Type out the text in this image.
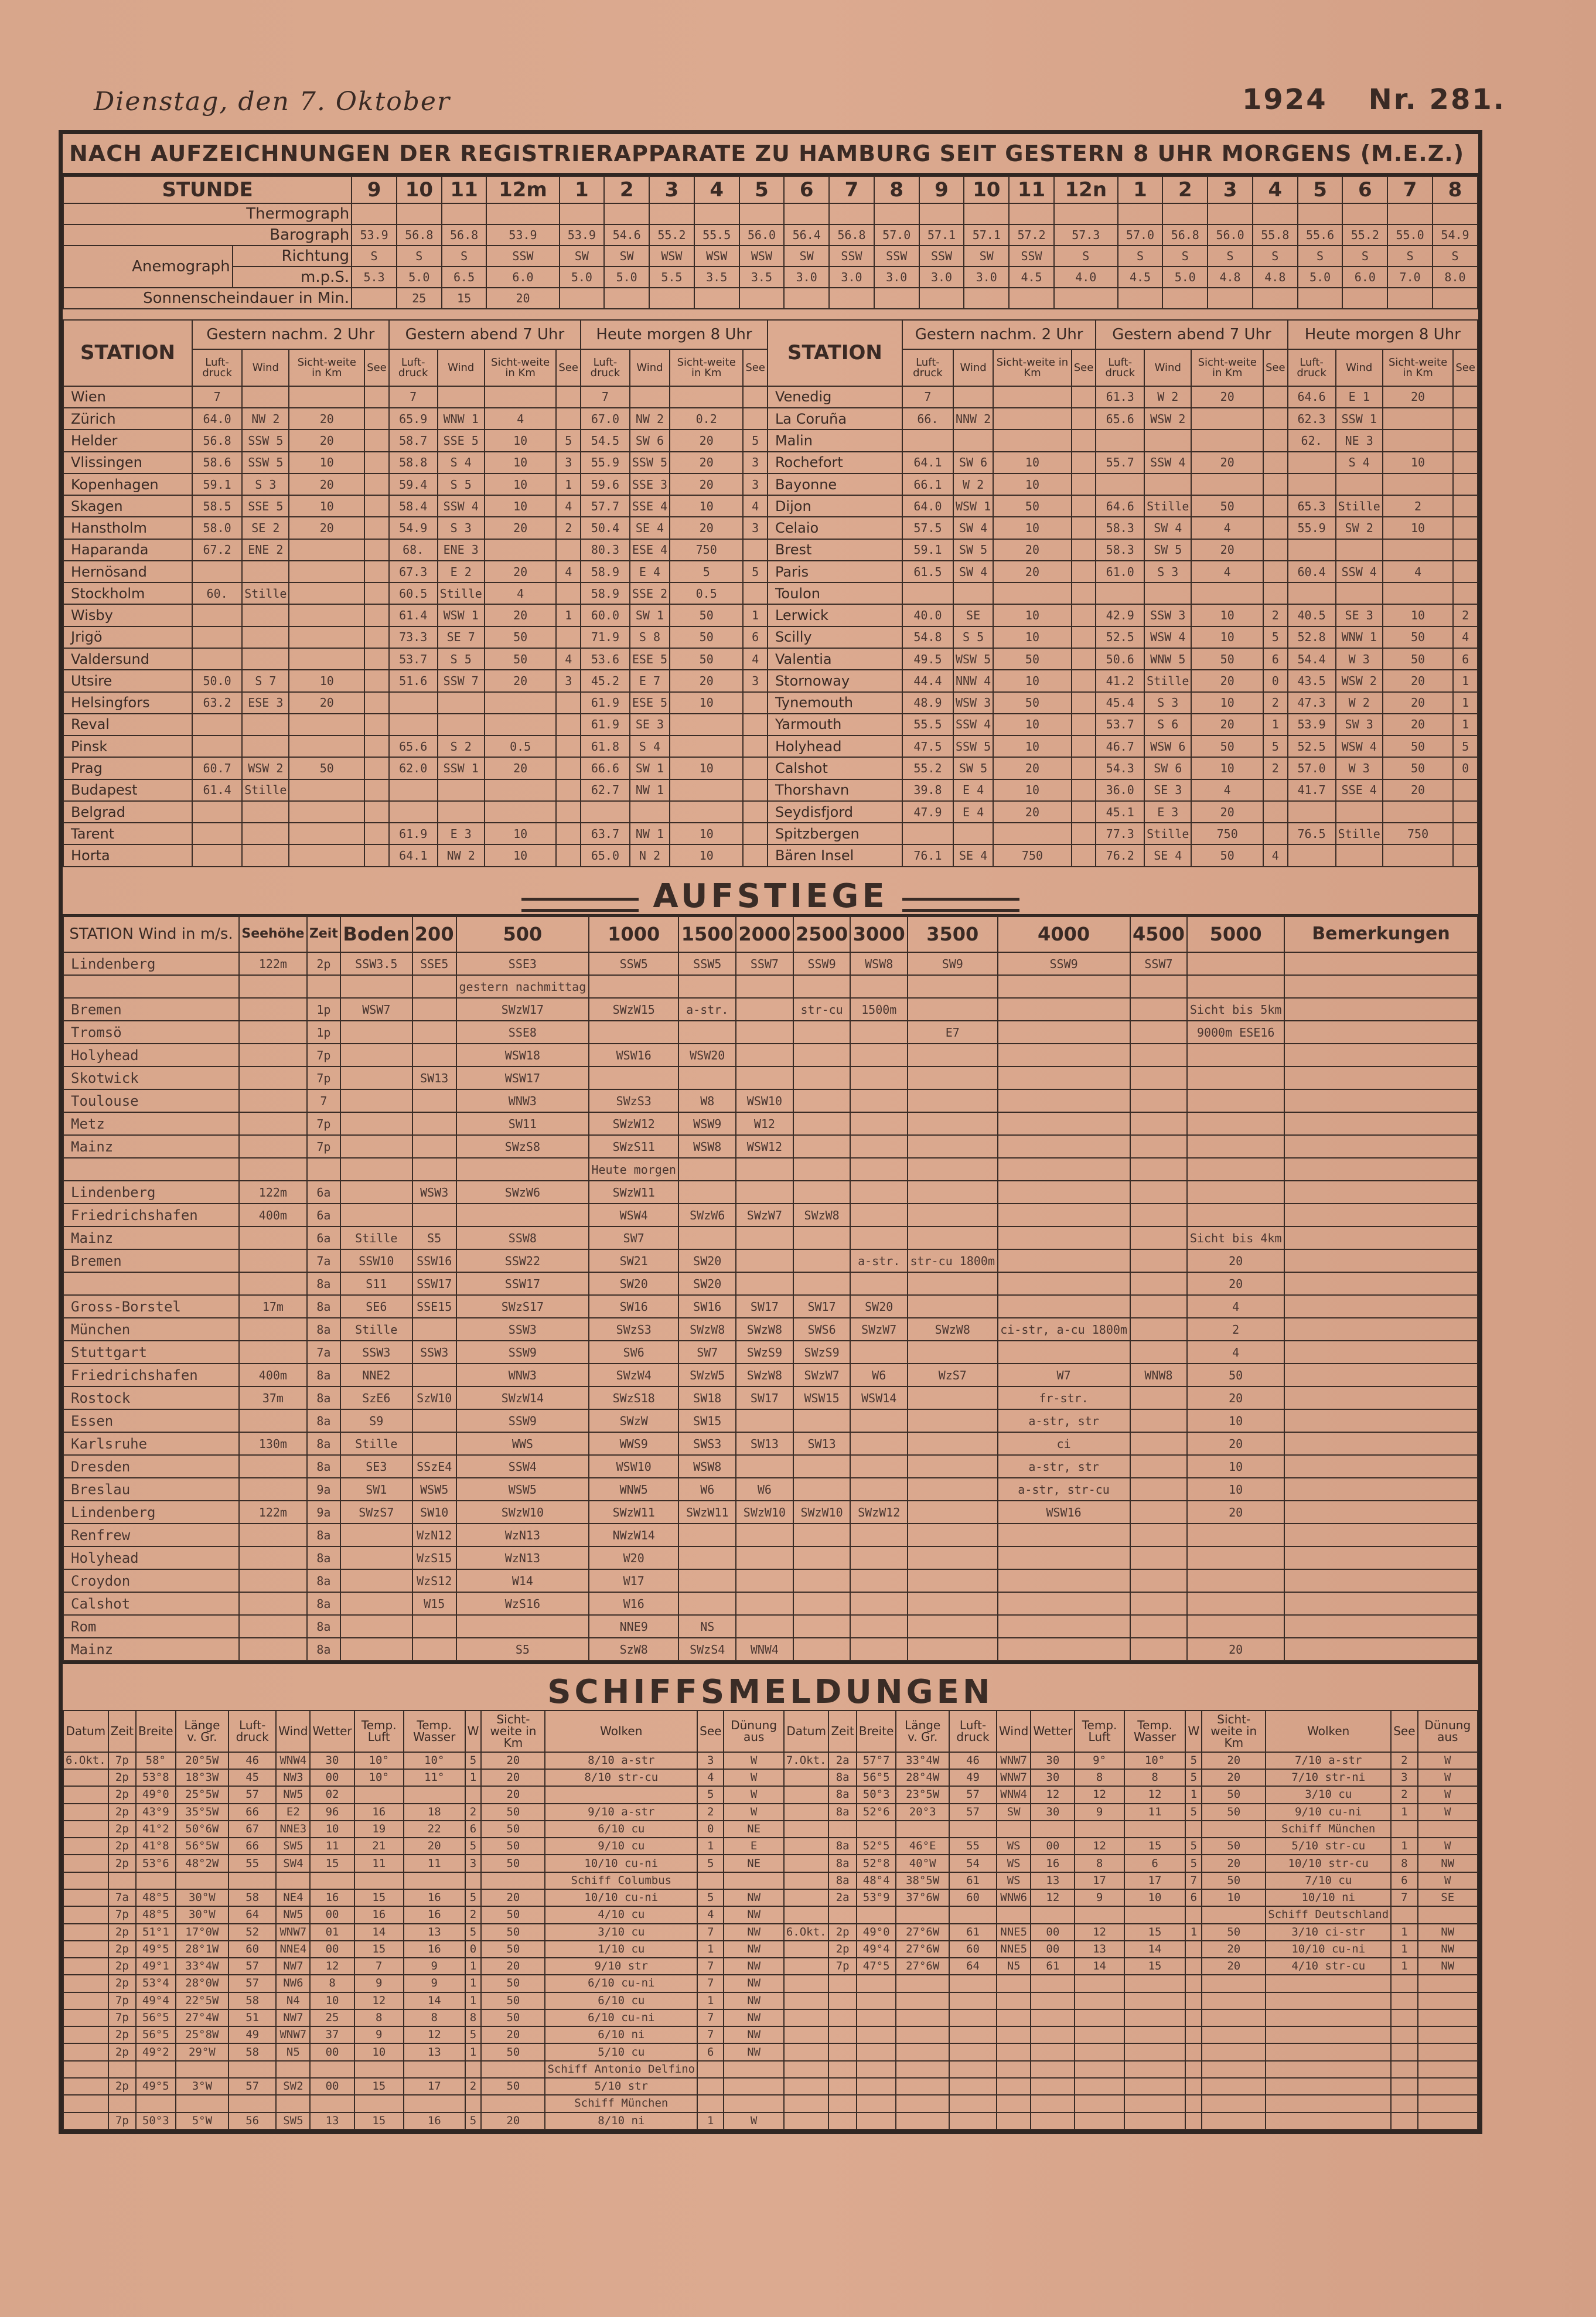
Dienstag, den 7. Oktober	1924 Nr. 281.
NACH AUFZEICHNUNGEN DER REGISTRIERAPPARATE ZU HAMBURG SEIT GESTERN 8 UHR MORGENS (M.E.Z.)
STUNDE		9	10	11	12m	1	2	3	4	5	6	7	8	9	10	11	12n	1	2	3	4	5	6	7	8
Thermograph																									
Barograph		53.9	56.8	56.8	53.9	53.9	54.6	55.2	55.5	56.0	56.4	56.8	57.0	57.1	57.1	57.2	57.3	57.0	56.8	56.0	55.8	55.6	55.2	55.0	54.9
Anemograph	Richtung	S	S	S	SSW	SW	SW	WSW	WSW	WSW	SW	SSW	SSW	SSW	SW	SSW	S	S	S	S	S	S	S	S	S
	m.p.S.	5.3	5.0	6.5	6.0	5.0	5.0	5.5	3.5	3.5	3.0	3.0	3.0	3.0	3.0	4.5	4.0	4.5	5.0	4.8	4.8	5.0	6.0	7.0	8.0
Sonnenscheindauer in Min.			25	15	20																				
STATION	Gestern nachm. 2 Uhr				Gestern abend 7 Uhr				Heute morgen 8 Uhr				STATION	Gestern nachm. 2 Uhr				Gestern abend 7 Uhr				Heute morgen 8 Uhr			
	Luft-druck	Wind	Sicht-weite in Km	See	Luft-druck	Wind	Sicht-weite in Km	See	Luft-druck	Wind	Sicht-weite in Km	See		Luft-druck	Wind	Sicht-weite in Km	See	Luft-druck	Wind	Sicht-weite in Km	See	Luft-druck	Wind	Sicht-weite in Km	See
Wien	7				7				7				Venedig	7				61.3	W 2	20		64.6	E 1	20	
Zürich	64.0	NW 2	20		65.9	WNW 1	4		67.0	NW 2	0.2		La Coruña	66.	NNW 2			65.6	WSW 2			62.3	SSW 1		
Helder	56.8	SSW 5	20		58.7	SSE 5	10	5	54.5	SW 6	20	5	Malin									62.	NE 3		
Vlissingen	58.6	SSW 5	10		58.8	S 4	10	3	55.9	SSW 5	20	3	Rochefort	64.1	SW 6	10		55.7	SSW 4	20			S 4	10	
Kopenhagen	59.1	S 3	20		59.4	S 5	10	1	59.6	SSE 3	20	3	Bayonne	66.1	W 2	10									
Skagen	58.5	SSE 5	10		58.4	SSW 4	10	4	57.7	SSE 4	10	4	Dijon	64.0	WSW 1	50		64.6	Stille	50		65.3	Stille	2	
Hanstholm	58.0	SE 2	20		54.9	S 3	20	2	50.4	SE 4	20	3	Celaio	57.5	SW 4	10		58.3	SW 4	4		55.9	SW 2	10	
Haparanda	67.2	ENE 2			68.	ENE 3			80.3	ESE 4	750		Brest	59.1	SW 5	20		58.3	SW 5	20					
Hernösand					67.3	E 2	20	4	58.9	E 4	5	5	Paris	61.5	SW 4	20		61.0	S 3	4		60.4	SSW 4	4	
Stockholm	60.	Stille			60.5	Stille	4		58.9	SSE 2	0.5		Toulon												
Wisby					61.4	WSW 1	20	1	60.0	SW 1	50	1	Lerwick	40.0	SE	10		42.9	SSW 3	10	2	40.5	SE 3	10	2
Jrigö					73.3	SE 7	50		71.9	S 8	50	6	Scilly	54.8	S 5	10		52.5	WSW 4	10	5	52.8	WNW 1	50	4
Valdersund					53.7	S 5	50	4	53.6	ESE 5	50	4	Valentia	49.5	WSW 5	50		50.6	WNW 5	50	6	54.4	W 3	50	6
Utsire	50.0	S 7	10		51.6	SSW 7	20	3	45.2	E 7	20	3	Stornoway	44.4	NNW 4	10		41.2	Stille	20	0	43.5	WSW 2	20	1
Helsingfors	63.2	ESE 3	20						61.9	ESE 5	10		Tynemouth	48.9	WSW 3	50		45.4	S 3	10	2	47.3	W 2	20	1
Reval									61.9	SE 3			Yarmouth	55.5	SSW 4	10		53.7	S 6	20	1	53.9	SW 3	20	1
Pinsk					65.6	S 2	0.5		61.8	S 4			Holyhead	47.5	SSW 5	10		46.7	WSW 6	50	5	52.5	WSW 4	50	5
Prag	60.7	WSW 2	50		62.0	SSW 1	20		66.6	SW 1	10		Calshot	55.2	SW 5	20		54.3	SW 6	10	2	57.0	W 3	50	0
Budapest	61.4	Stille							62.7	NW 1			Thorshavn	39.8	E 4	10		36.0	SE 3	4		41.7	SSE 4	20	
Belgrad													Seydisfjord	47.9	E 4	20		45.1	E 3	20					
Tarent					61.9	E 3	10		63.7	NW 1	10		Spitzbergen					77.3	Stille	750		76.5	Stille	750	
Horta					64.1	NW 2	10		65.0	N 2	10		Bären Insel	76.1	SE 4	750		76.2	SE 4	50	4				
AUFSTIEGE
STATION Wind in m/s.	Seehöhe	Zeit	Boden	200	500	1000	1500	2000	2500	3000	3500	4000	4500	5000	Bemerkungen
Lindenberg	122m	2p	SSW3.5	SSE5	SSE3	SSW5	SSW5	SSW7	SSW9	WSW8	SW9	SSW9	SSW7		
					gestern nachmittag										
Bremen		1p	WSW7		SWzW17	SWzW15	a-str.		str-cu	1500m				Sicht bis 5km	
Tromsö		1p			SSE8						E7			9000m ESE16	
Holyhead		7p			WSW18	WSW16	WSW20								
Skotwick		7p		SW13	WSW17										
Toulouse		7			WNW3	SWzS3	W8	WSW10							
Metz		7p			SW11	SWzW12	WSW9	W12							
Mainz		7p			SWzS8	SWzS11	WSW8	WSW12							
						Heute morgen									
Lindenberg	122m	6a		WSW3	SWzW6	SWzW11									
Friedrichshafen	400m	6a				WSW4	SWzW6	SWzW7	SWzW8						
Mainz		6a	Stille	S5	SSW8	SW7								Sicht bis 4km	
Bremen		7a	SSW10	SSW16	SSW22	SW21	SW20			a-str.	str-cu 1800m			20	
		8a	S11	SSW17	SSW17	SW20	SW20							20	
Gross-Borstel	17m	8a	SE6	SSE15	SWzS17	SW16	SW16	SW17	SW17	SW20				4	
München		8a	Stille		SSW3	SWzS3	SWzW8	SWzW8	SWS6	SWzW7	SWzW8	ci-str, a-cu 1800m		2	
Stuttgart		7a	SSW3	SSW3	SSW9	SW6	SW7	SWzS9	SWzS9					4	
Friedrichshafen	400m	8a	NNE2		WNW3	SWzW4	SWzW5	SWzW8	SWzW7	W6	WzS7	W7	WNW8	50	
Rostock	37m	8a	SzE6	SzW10	SWzW14	SWzS18	SW18	SW17	WSW15	WSW14		fr-str.		20	
Essen		8a	S9		SSW9	SWzW	SW15					a-str, str		10	
Karlsruhe	130m	8a	Stille		WWS	WWS9	SWS3	SW13	SW13			ci		20	
Dresden		8a	SE3	SSzE4	SSW4	WSW10	WSW8					a-str, str		10	
Breslau		9a	SW1	WSW5	WSW5	WNW5	W6	W6				a-str, str-cu		10	
Lindenberg	122m	9a	SWzS7	SW10	SWzW10	SWzW11	SWzW11	SWzW10	SWzW10	SWzW12		WSW16		20	
Renfrew		8a		WzN12	WzN13	NWzW14									
Holyhead		8a		WzS15	WzN13	W20									
Croydon		8a		WzS12	W14	W17									
Calshot		8a		W15	WzS16	W16									
Rom		8a				NNE9	NS								
Mainz		8a			S5	SzW8	SWzS4	WNW4						20	
SCHIFFSMELDUNGEN
Datum	Zeit	Breite	Länge v. Gr.	Luft-druck	Wind	Wetter	Temp. Luft	Temp. Wasser	W	Sicht-weite in Km	Wolken	See	Dünung aus	Datum	Zeit	Breite	Länge v. Gr.	Luft-druck	Wind	Wetter	Temp. Luft	Temp. Wasser	W	Sicht-weite in Km	Wolken	See	Dünung aus
6.Okt.	7p	58°	20°5W	46	WNW4	30	10°	10°	5	20	8/10 a-str	3	W	7.Okt.	2a	57°7	33°4W	46	WNW7	30	9°	10°	5	20	7/10 a-str	2	W
	2p	53°8	18°3W	45	NW3	00	10°	11°	1	20	8/10 str-cu	4	W		8a	56°5	28°4W	49	WNW7	30	8	8	5	20	7/10 str-ni	3	W
	2p	49°0	25°5W	57	NW5	02				20		5	W		8a	50°3	23°5W	57	WNW4	12	12	12	1	50	3/10 cu	2	W
	2p	43°9	35°5W	66	E2	96	16	18	2	50	9/10 a-str	2	W		8a	52°6	20°3	57	SW	30	9	11	5	50	9/10 cu-ni	1	W
	2p	41°2	50°6W	67	NNE3	10	19	22	6	50	6/10 cu	0	NE												Schiff München		
	2p	41°8	56°5W	66	SW5	11	21	20	5	50	9/10 cu	1	E		8a	52°5	46°E	55	WS	00	12	15	5	50	5/10 str-cu	1	W
	2p	53°6	48°2W	55	SW4	15	11	11	3	50	10/10 cu-ni	5	NE		8a	52°8	40°W	54	WS	16	8	6	5	20	10/10 str-cu	8	NW
											Schiff Columbus				8a	48°4	38°5W	61	WS	13	17	17	7	50	7/10 cu	6	W
	7a	48°5	30°W	58	NE4	16	15	16	5	20	10/10 cu-ni	5	NW		2a	53°9	37°6W	60	WNW6	12	9	10	6	10	10/10 ni	7	SE
	7p	48°5	30°W	64	NW5	00	16	16	2	50	4/10 cu	4	NW												Schiff Deutschland		
	2p	51°1	17°0W	52	WNW7	01	14	13	5	50	3/10 cu	7	NW	6.Okt.	2p	49°0	27°6W	61	NNE5	00	12	15	1	50	3/10 ci-str	1	NW
	2p	49°5	28°1W	60	NNE4	00	15	16	0	50	1/10 cu	1	NW		2p	49°4	27°6W	60	NNE5	00	13	14		20	10/10 cu-ni	1	NW
	2p	49°1	33°4W	57	NW7	12	7	9	1	20	9/10 str	7	NW		7p	47°5	27°6W	64	N5	61	14	15		20	4/10 str-cu	1	NW
	2p	53°4	28°0W	57	NW6	8	9	9	1	50	6/10 cu-ni	7	NW														
	7p	49°4	22°5W	58	N4	10	12	14	1	50	6/10 cu	1	NW														
	7p	56°5	27°4W	51	NW7	25	8	8	8	50	6/10 cu-ni	7	NW														
	2p	56°5	25°8W	49	WNW7	37	9	12	5	20	6/10 ni	7	NW														
	2p	49°2	29°W	58	N5	00	10	13	1	50	5/10 cu	6	NW														
											Schiff Antonio Delfino																
	2p	49°5	3°W	57	SW2	00	15	17	2	50	5/10 str																
											Schiff München																
	7p	50°3	5°W	56	SW5	13	15	16	5	20	8/10 ni	1	W														
